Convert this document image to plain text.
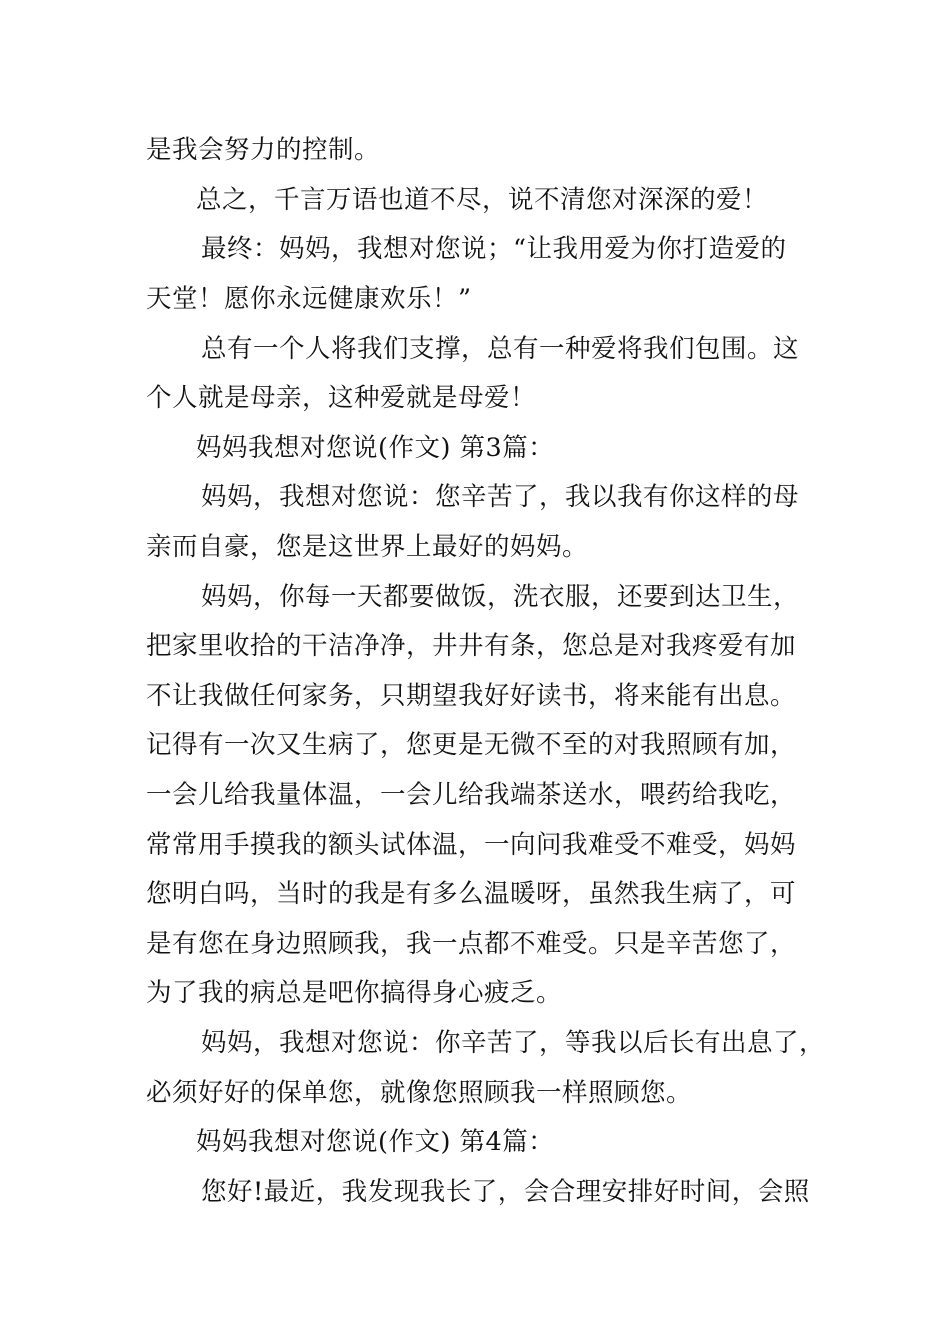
是我会努力的控制。
总之，千言万语也道不尽，说不清您对深深的爱！
最终：妈妈，我想对您说；“让我用爱为你打造爱的
天堂！愿你永远健康欢乐！”
总有一个人将我们支撑，总有一种爱将我们包围。这
个人就是母亲，这种爱就是母爱！
妈妈我想对您说(作文) 第3篇：
妈妈，我想对您说：您辛苦了，我以我有你这样的母
亲而自豪，您是这世界上最好的妈妈。
妈妈，你每一天都要做饭，洗衣服，还要到达卫生，
把家里收拾的干洁净净，井井有条，您总是对我疼爱有加
不让我做任何家务，只期望我好好读书，将来能有出息。
记得有一次又生病了，您更是无微不至的对我照顾有加，
一会儿给我量体温，一会儿给我端茶送水，喂药给我吃，
常常用手摸我的额头试体温，一向问我难受不难受，妈妈
您明白吗，当时的我是有多么温暖呀，虽然我生病了，可
是有您在身边照顾我，我一点都不难受。只是辛苦您了，
为了我的病总是吧你搞得身心疲乏。
妈妈，我想对您说：你辛苦了，等我以后长有出息了，
必须好好的保单您，就像您照顾我一样照顾您。
妈妈我想对您说(作文) 第4篇：
您好!最近，我发现我长了，会合理安排好时间，会照
